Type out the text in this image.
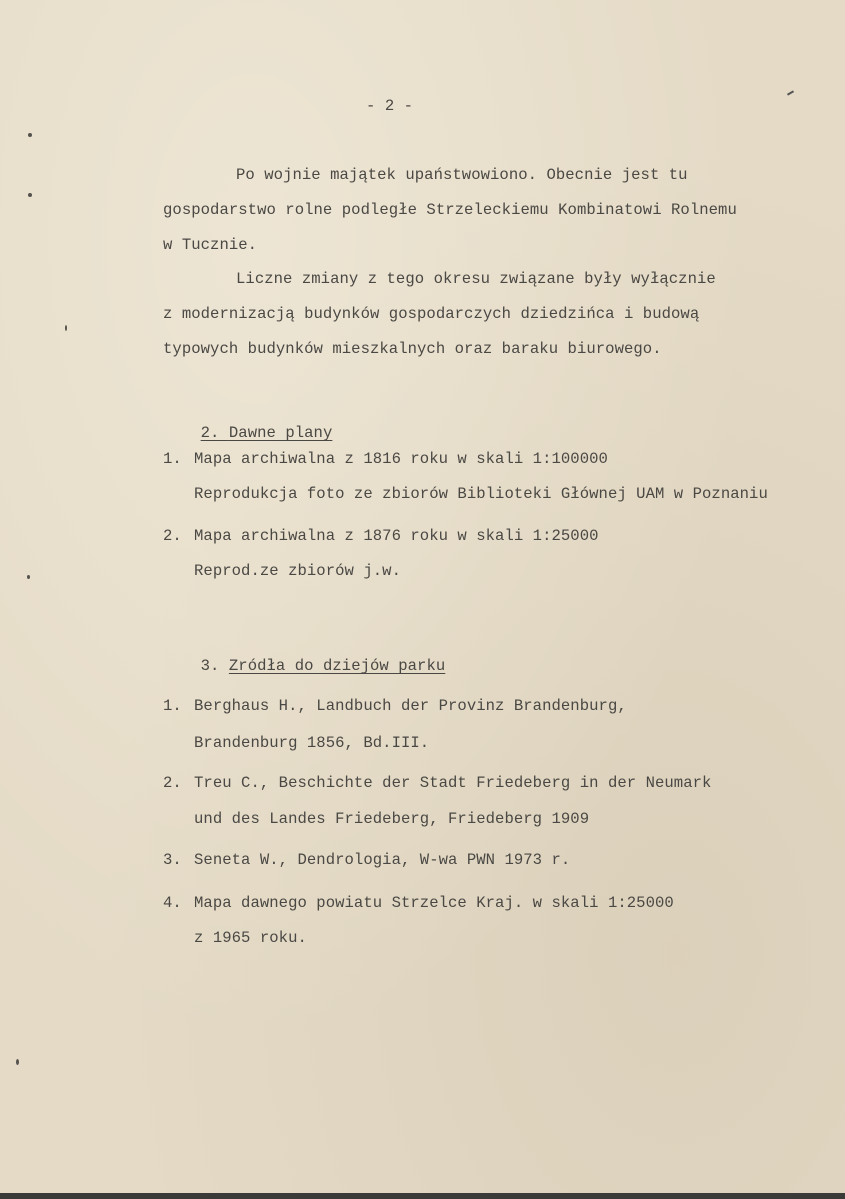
- 2 -
Po wojnie majątek upaństwowiono. Obecnie jest tu
gospodarstwo rolne podległe Strzeleckiemu Kombinatowi Rolnemu
w Tucznie.
Liczne zmiany z tego okresu związane były wyłącznie
z modernizacją budynków gospodarczych dziedzińca i budową
typowych budynków mieszkalnych oraz baraku biurowego.

2. Dawne plany

1. Mapa archiwalna z 1816 roku w skali 1:100000
Reprodukcja foto ze zbiorów Biblioteki Głównej UAM w Poznaniu
2. Mapa archiwalna z 1876 roku w skali 1:25000
Reprod.ze zbiorów j.w.

3. Zródła do dziejów parku

1. Berghaus H., Landbuch der Provinz Brandenburg,
Brandenburg 1856, Bd.III.
2. Treu C., Beschichte der Stadt Friedeberg in der Neumark
und des Landes Friedeberg, Friedeberg 1909
3. Seneta W., Dendrologia, W-wa PWN 1973 r.
4. Mapa dawnego powiatu Strzelce Kraj. w skali 1:25000
z 1965 roku.
